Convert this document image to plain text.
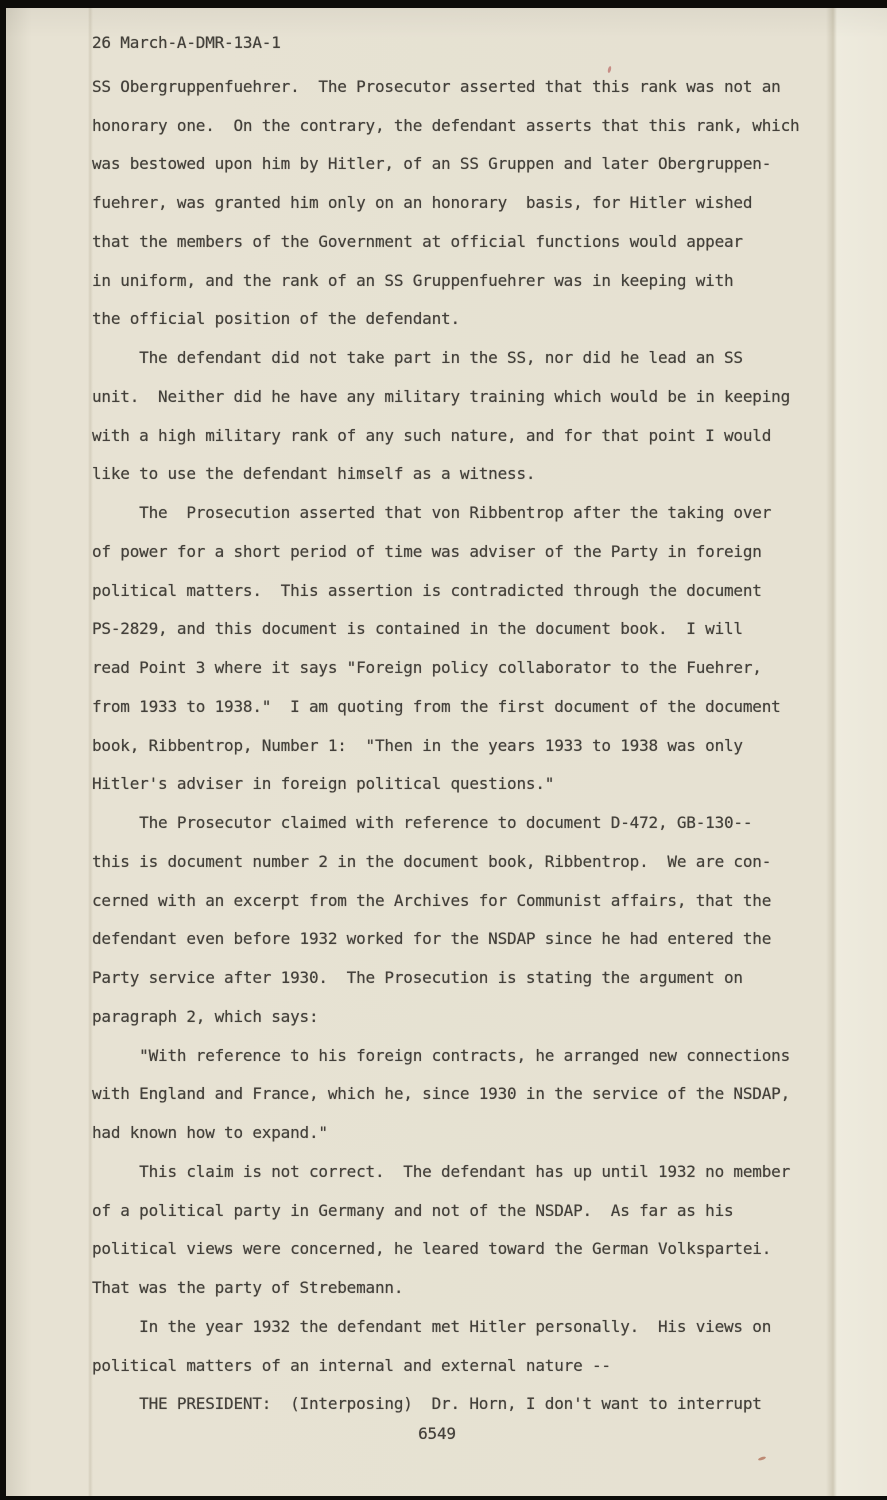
26 March-A-DMR-13A-1
SS Obergruppenfuehrer.  The Prosecutor asserted that this rank was not an
honorary one.  On the contrary, the defendant asserts that this rank, which
was bestowed upon him by Hitler, of an SS Gruppen and later Obergruppen-
fuehrer, was granted him only on an honorary  basis, for Hitler wished
that the members of the Government at official functions would appear
in uniform, and the rank of an SS Gruppenfuehrer was in keeping with
the official position of the defendant.
The defendant did not take part in the SS, nor did he lead an SS
unit.  Neither did he have any military training which would be in keeping
with a high military rank of any such nature, and for that point I would
like to use the defendant himself as a witness.
The  Prosecution asserted that von Ribbentrop after the taking over
of power for a short period of time was adviser of the Party in foreign
political matters.  This assertion is contradicted through the document
PS-2829, and this document is contained in the document book.  I will
read Point 3 where it says "Foreign policy collaborator to the Fuehrer,
from 1933 to 1938."  I am quoting from the first document of the document
book, Ribbentrop, Number 1:  "Then in the years 1933 to 1938 was only
Hitler's adviser in foreign political questions."
The Prosecutor claimed with reference to document D-472, GB-130--
this is document number 2 in the document book, Ribbentrop.  We are con-
cerned with an excerpt from the Archives for Communist affairs, that the
defendant even before 1932 worked for the NSDAP since he had entered the
Party service after 1930.  The Prosecution is stating the argument on
paragraph 2, which says:
"With reference to his foreign contracts, he arranged new connections
with England and France, which he, since 1930 in the service of the NSDAP,
had known how to expand."
This claim is not correct.  The defendant has up until 1932 no member
of a political party in Germany and not of the NSDAP.  As far as his
political views were concerned, he leared toward the German Volkspartei.
That was the party of Strebemann.
In the year 1932 the defendant met Hitler personally.  His views on
political matters of an internal and external nature --
THE PRESIDENT:  (Interposing)  Dr. Horn, I don't want to interrupt
6549
